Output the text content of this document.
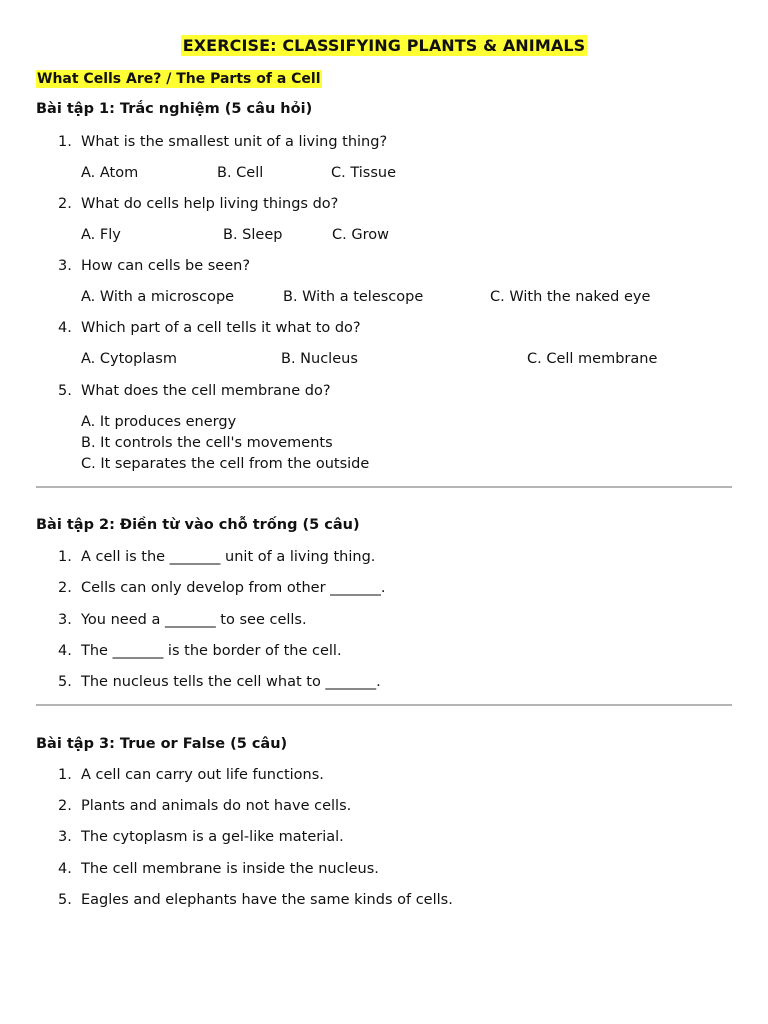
EXERCISE: CLASSIFYING PLANTS & ANIMALS
What Cells Are? / The Parts of a Cell
Bài tập 1: Trắc nghiệm (5 câu hỏi)
1. What is the smallest unit of a living thing?
A. Atom	B. Cell	C. Tissue
2. What do cells help living things do?
A. Fly	B. Sleep	C. Grow
3. How can cells be seen?
A. With a microscope	B. With a telescope	C. With the naked eye
4. Which part of a cell tells it what to do?
A. Cytoplasm	B. Nucleus	C. Cell membrane
5. What does the cell membrane do?
A. It produces energy
B. It controls the cell's movements
C. It separates the cell from the outside
Bài tập 2: Điền từ vào chỗ trống (5 câu)
1. A cell is the _______ unit of a living thing.
2. Cells can only develop from other _______.
3. You need a _______ to see cells.
4. The _______ is the border of the cell.
5. The nucleus tells the cell what to _______.
Bài tập 3: True or False (5 câu)
1. A cell can carry out life functions.
2. Plants and animals do not have cells.
3. The cytoplasm is a gel-like material.
4. The cell membrane is inside the nucleus.
5. Eagles and elephants have the same kinds of cells.
